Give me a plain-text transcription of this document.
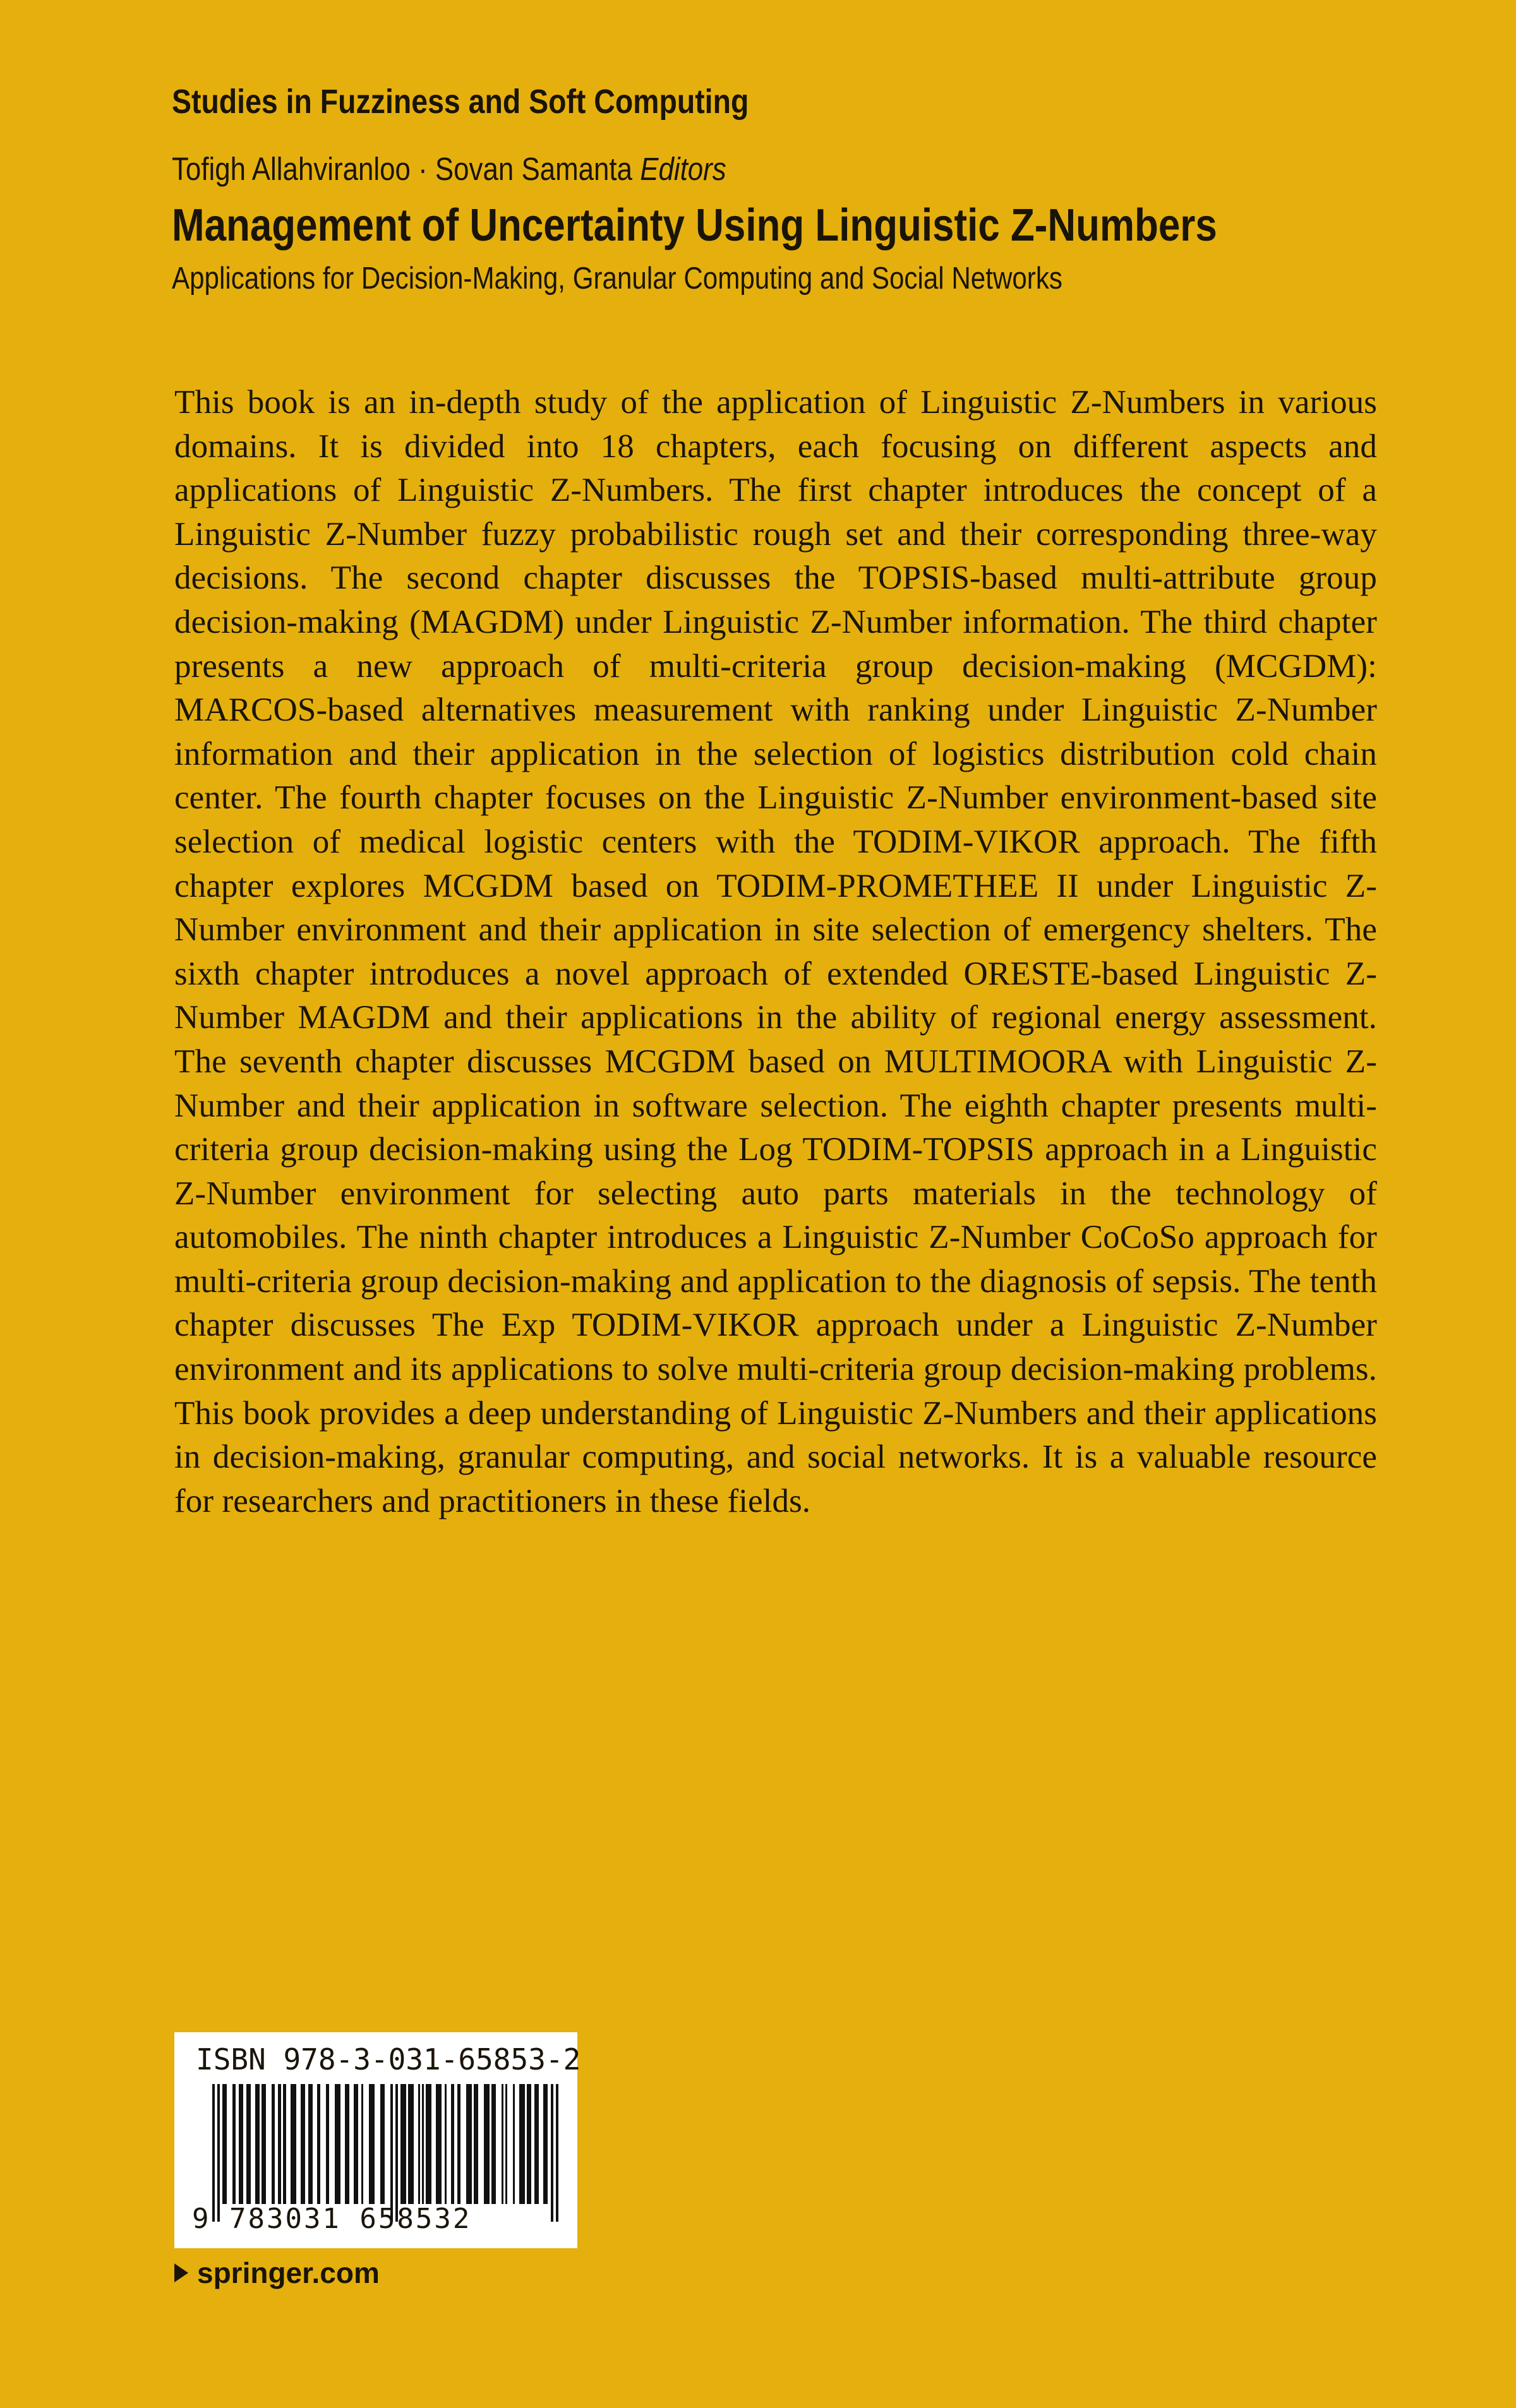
Studies in Fuzziness and Soft Computing
Tofigh Allahviranloo · Sovan Samanta Editors
Management of Uncertainty Using Linguistic Z-Numbers
Applications for Decision-Making, Granular Computing and Social Networks

This book is an in-depth study of the application of Linguistic Z-Numbers in various domains. It is divided into 18 chapters, each focusing on different aspects and applications of Linguistic Z-Numbers. The first chapter introduces the concept of a Linguistic Z-Number fuzzy probabilistic rough set and their corresponding three-way decisions. The second chapter discusses the TOPSIS-based multi-attribute group decision-making (MAGDM) under Linguistic Z-Number information. The third chapter presents a new approach of multi-criteria group decision-making (MCGDM): MARCOS-based alternatives measurement with ranking under Linguistic Z-Number information and their application in the selection of logistics distribution cold chain center. The fourth chapter focuses on the Linguistic Z-Number environment-based site selection of medical logistic centers with the TODIM-VIKOR approach. The fifth chapter explores MCGDM based on TODIM-PROMETHEE II under Linguistic Z-Number environment and their application in site selection of emergency shelters. The sixth chapter introduces a novel approach of extended ORESTE-based Linguistic Z-Number MAGDM and their applications in the ability of regional energy assessment. The seventh chapter discusses MCGDM based on MULTIMOORA with Linguistic Z-Number and their application in software selection. The eighth chapter presents multi-criteria group decision-making using the Log TODIM-TOPSIS approach in a Linguistic Z-Number environment for selecting auto parts materials in the technology of automobiles. The ninth chapter introduces a Linguistic Z-Number CoCoSo approach for multi-criteria group decision-making and application to the diagnosis of sepsis. The tenth chapter discusses The Exp TODIM-VIKOR approach under a Linguistic Z-Number environment and its applications to solve multi-criteria group decision-making problems. This book provides a deep understanding of Linguistic Z-Numbers and their applications in decision-making, granular computing, and social networks. It is a valuable resource for researchers and practitioners in these fields.

ISBN 978-3-031-65853-2
9 783031 658532
springer.com
